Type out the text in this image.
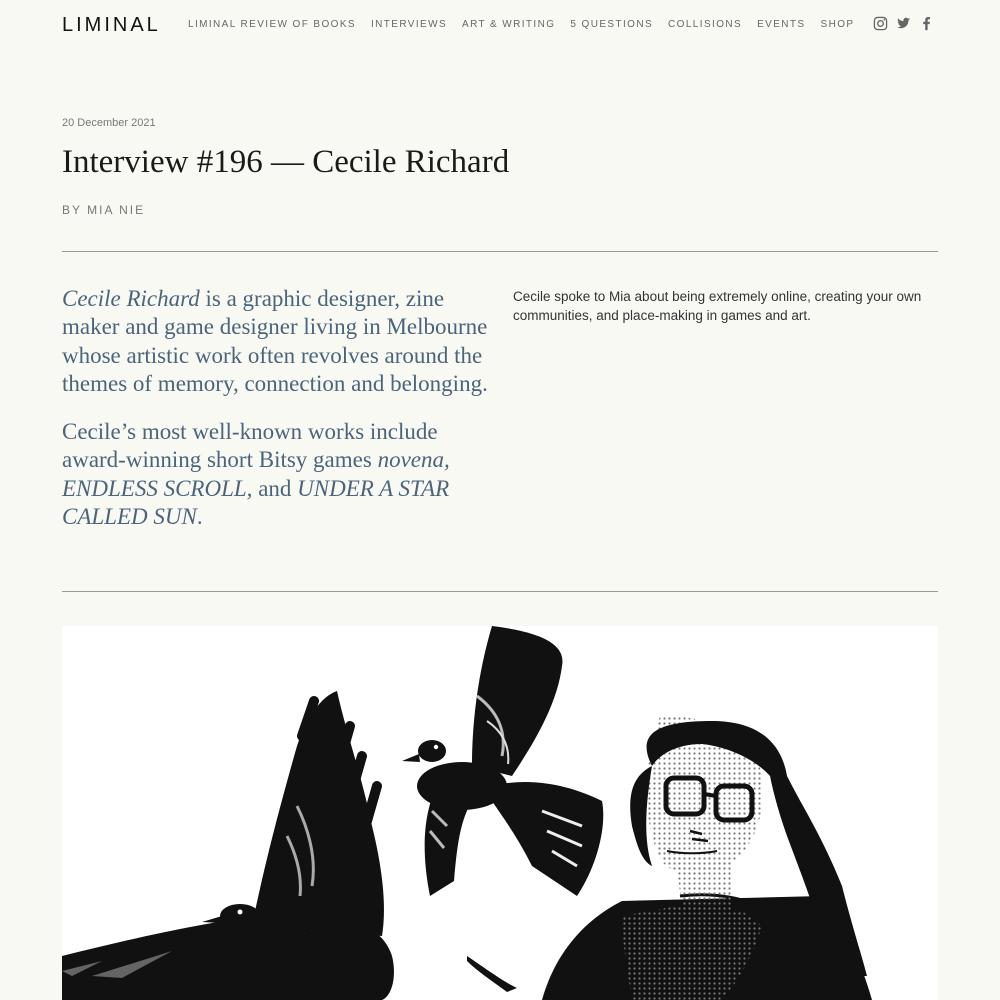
LIMINAL	LIMINAL REVIEW OF BOOKS INTERVIEWS ART & WRITING 5 QUESTIONS COLLISIONS EVENTS SHOP
20 December 2021
Interview #196 — Cecile Richard
BY MIA NIE

Cecile Richard is a graphic designer, zine maker and game designer living in Melbourne whose artistic work often revolves around the themes of memory, connection and belonging.

Cecile’s most well-known works include award-winning short Bitsy games novena, ENDLESS SCROLL, and UNDER A STAR CALLED SUN.

Cecile spoke to Mia about being extremely online, creating your own communities, and place-making in games and art.
